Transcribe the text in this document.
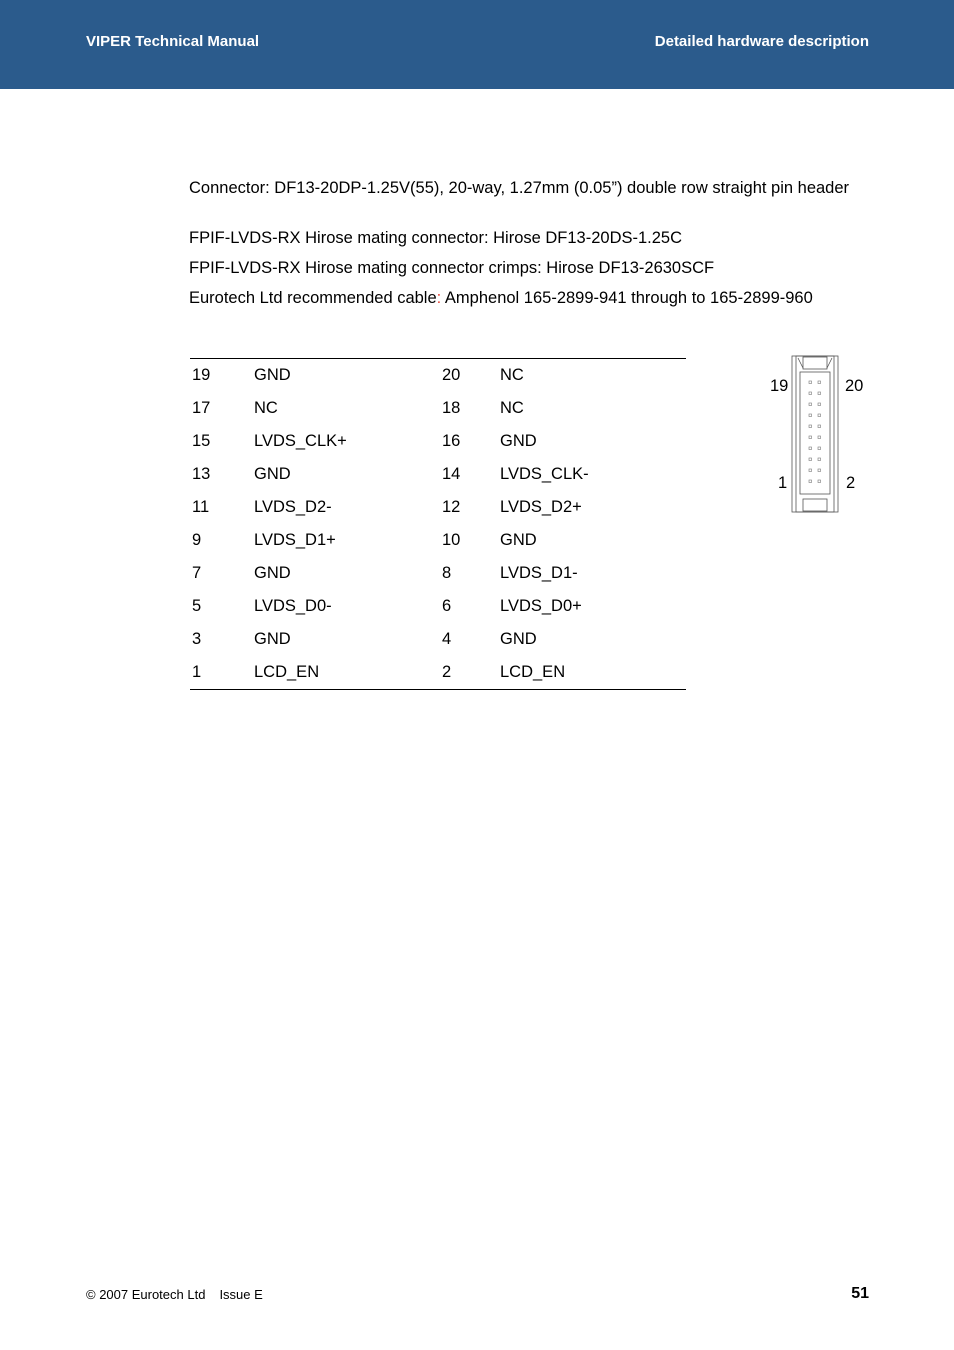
VIPER Technical Manual	Detailed hardware description
Connector: DF13-20DP-1.25V(55), 20-way, 1.27mm (0.05”) double row straight pin header
FPIF-LVDS-RX Hirose mating connector: Hirose DF13-20DS-1.25C
FPIF-LVDS-RX Hirose mating connector crimps: Hirose DF13-2630SCF
Eurotech Ltd recommended cable: Amphenol 165-2899-941 through to 165-2899-960
19	GND	20	NC
17	NC	18	NC
15	LVDS_CLK+	16	GND
13	GND	14	LVDS_CLK-
11	LVDS_D2-	12	LVDS_D2+
9	LVDS_D1+	10	GND
7	GND	8	LVDS_D1-
5	LVDS_D0-	6	LVDS_D0+
3	GND	4	GND
1	LCD_EN	2	LCD_EN
19	20
1	2
© 2007 Eurotech Ltd Issue E	51
